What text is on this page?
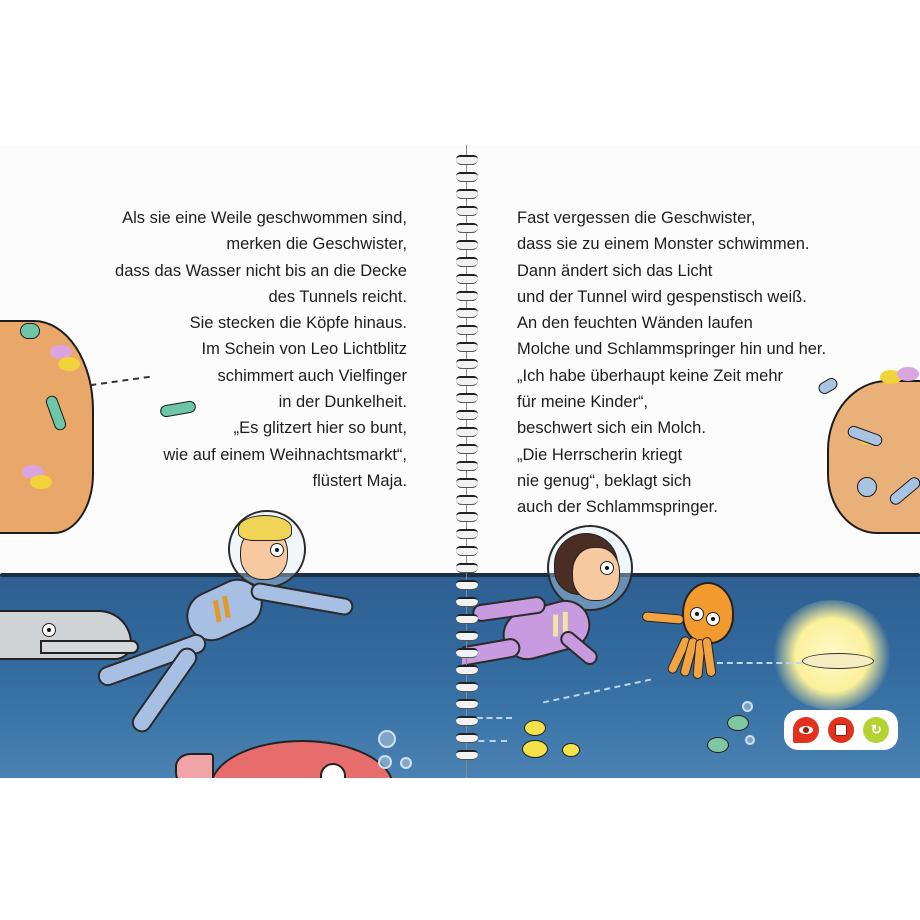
Als sie eine Weile geschwommen sind,
merken die Geschwister,
dass das Wasser nicht bis an die Decke
des Tunnels reicht.
Sie stecken die Köpfe hinaus.
Im Schein von Leo Lichtblitz
schimmert auch Vielfinger
in der Dunkelheit.
„Es glitzert hier so bunt,
wie auf einem Weihnachtsmarkt“,
flüstert Maja.
Fast vergessen die Geschwister,
dass sie zu einem Monster schwimmen.
Dann ändert sich das Licht
und der Tunnel wird gespenstisch weiß.
An den feuchten Wänden laufen
Molche und Schlammspringer hin und her.
„Ich habe überhaupt keine Zeit mehr
für meine Kinder“,
beschwert sich ein Molch.
„Die Herrscherin kriegt
nie genug“, beklagt sich
auch der Schlammspringer.
↻
